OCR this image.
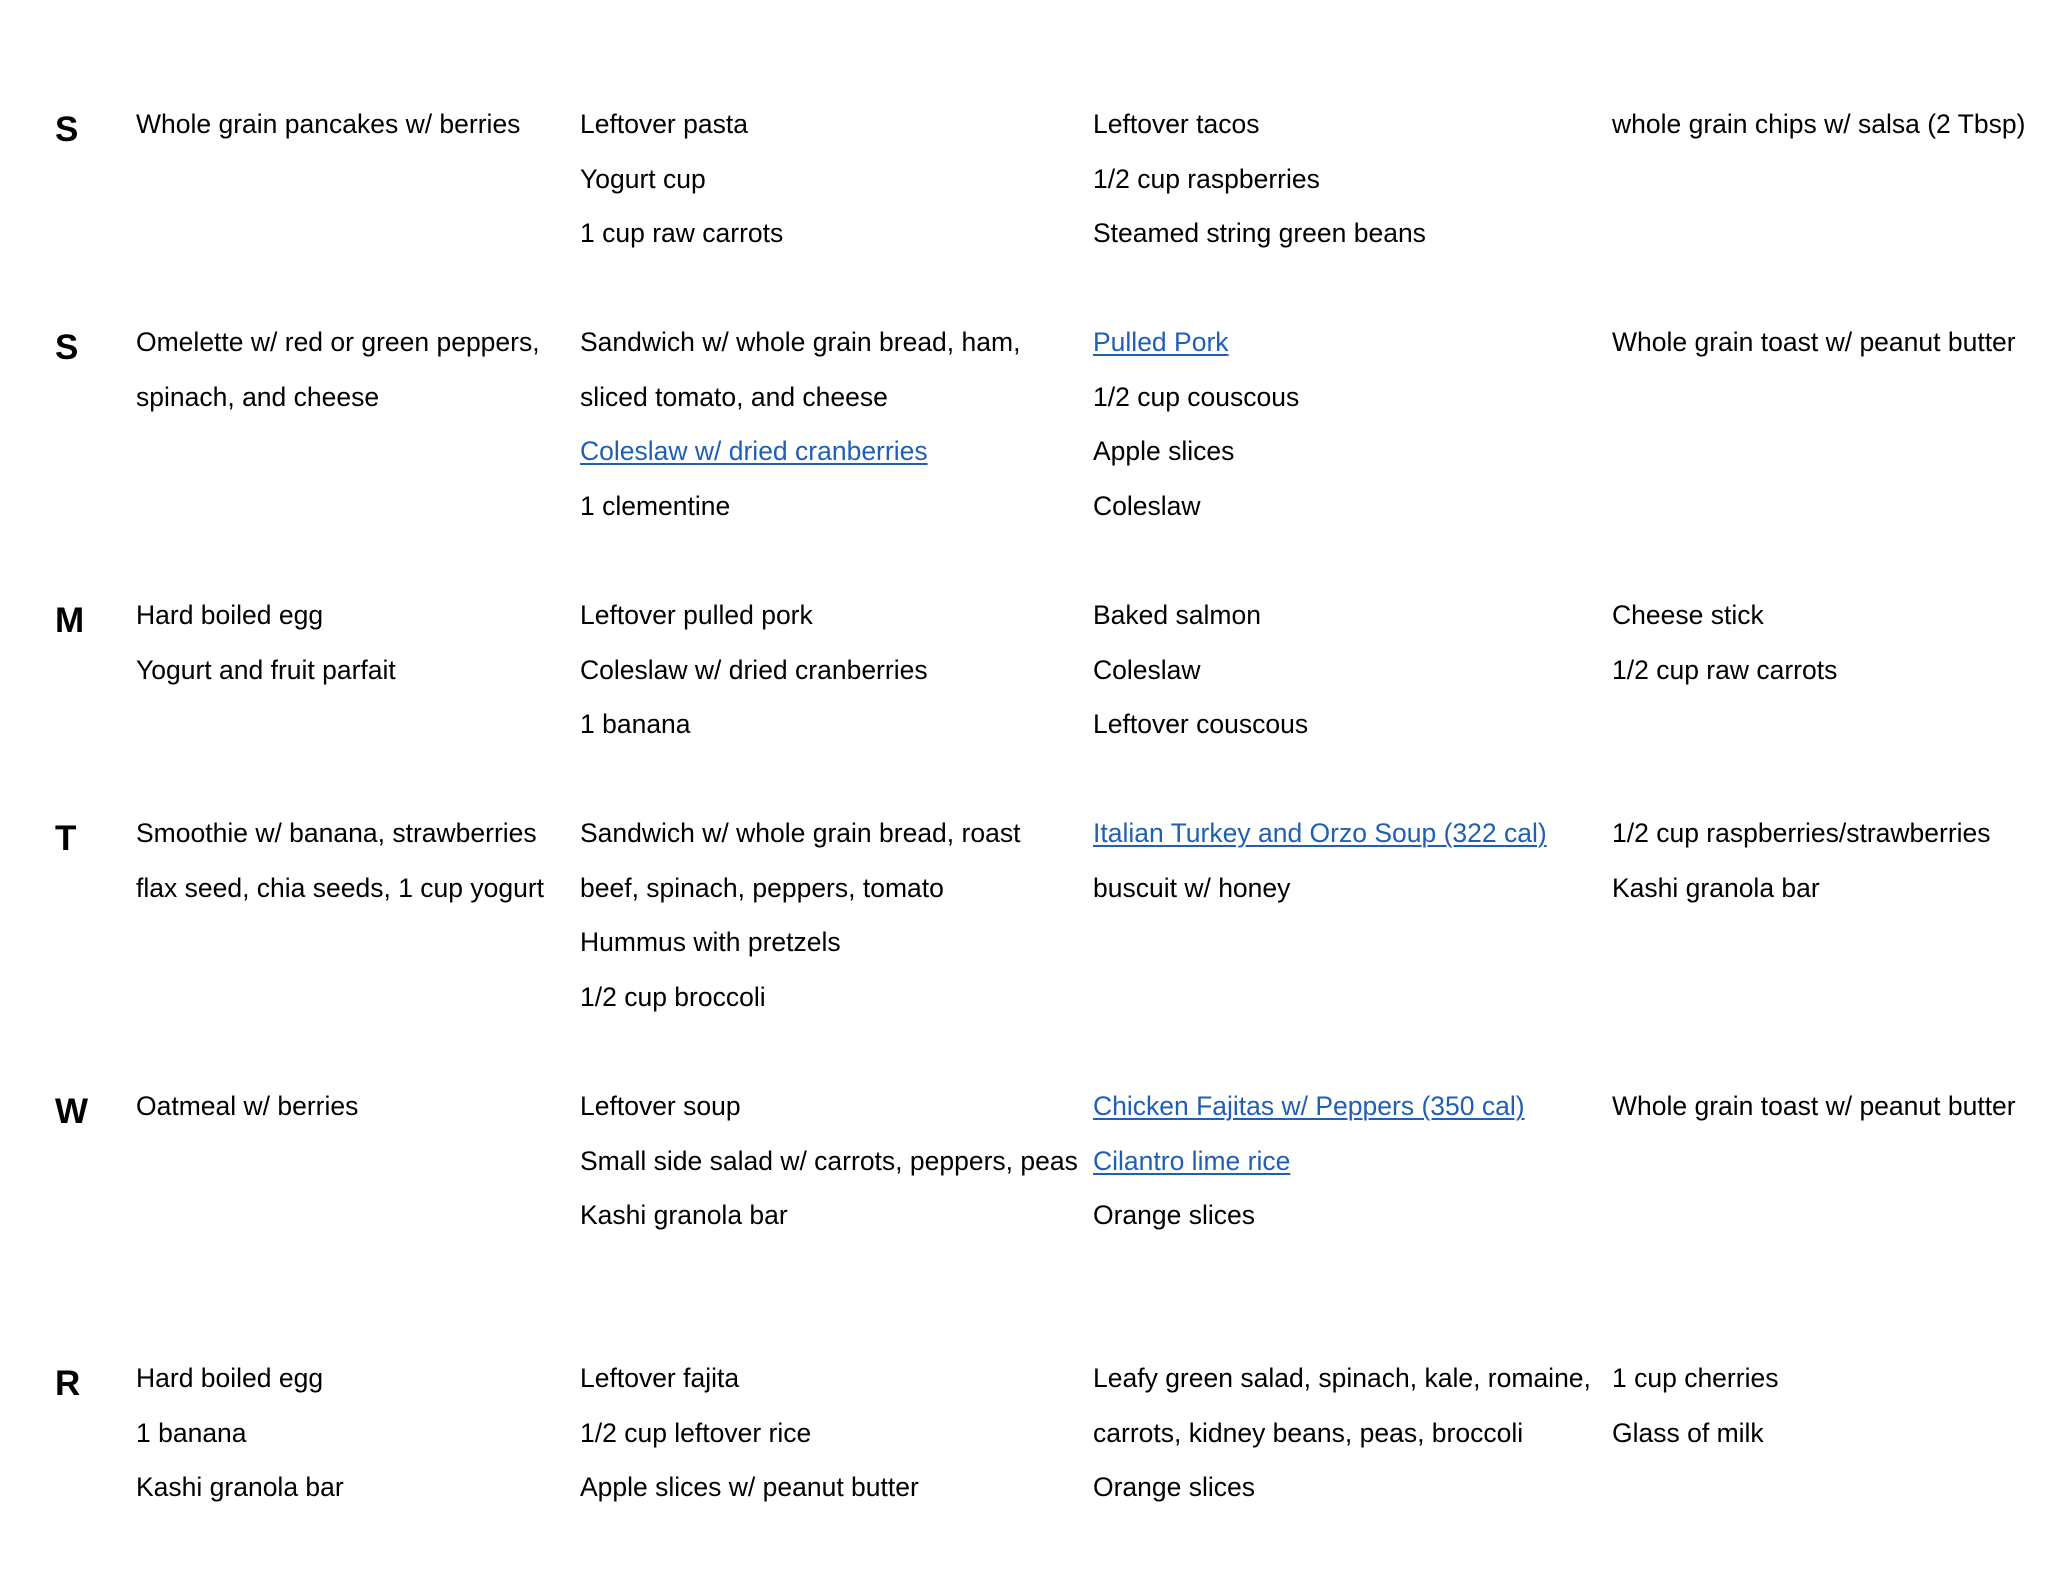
S Whole grain pancakes w/ berries	Leftover pasta
Yogurt cup
1 cup raw carrots
Leftover tacos
1/2 cup raspberries
Steamed string green beans
whole grain chips w/ salsa (2 Tbsp)
S Omelette w/ red or green peppers,
spinach, and cheese
Sandwich w/ whole grain bread, ham,
sliced tomato, and cheese
Coleslaw w/ dried cranberries
1 clementine
Pulled Pork
1/2 cup couscous
Apple slices
Coleslaw
Whole grain toast w/ peanut butter
M Hard boiled egg
Yogurt and fruit parfait
Leftover pulled pork
Coleslaw w/ dried cranberries
1 banana
Baked salmon
Coleslaw
Leftover couscous
Cheese stick
1/2 cup raw carrots
T Smoothie w/ banana, strawberries
flax seed, chia seeds, 1 cup yogurt
Sandwich w/ whole grain bread, roast
beef, spinach, peppers, tomato
Hummus with pretzels
1/2 cup broccoli
Italian Turkey and Orzo Soup (322 cal)
buscuit w/ honey
1/2 cup raspberries/strawberries
Kashi granola bar
W Oatmeal w/ berries	Leftover soup
Small side salad w/ carrots, peppers, peas
Kashi granola bar
Chicken Fajitas w/ Peppers (350 cal)
Cilantro lime rice
Orange slices
Whole grain toast w/ peanut butter
R Hard boiled egg
1 banana
Kashi granola bar
Leftover fajita
1/2 cup leftover rice
Apple slices w/ peanut butter
Leafy green salad, spinach, kale, romaine,
carrots, kidney beans, peas, broccoli
Orange slices
1 cup cherries
Glass of milk
